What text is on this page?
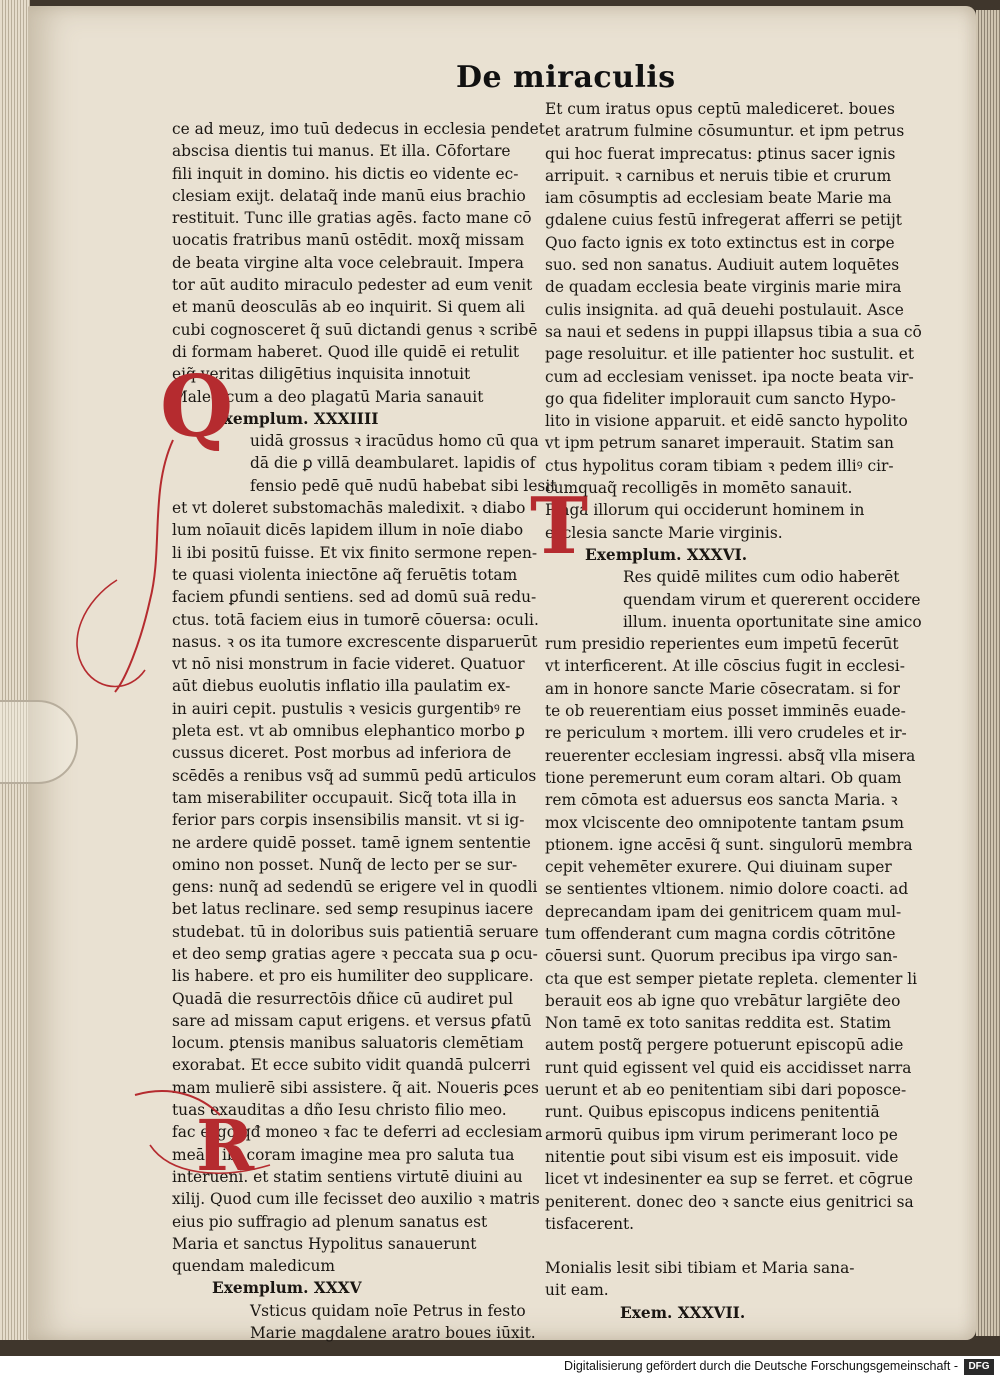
De miraculis
ce ad meuz, imo tuū dedecus in ecclesia pendet
abscisa dientis tui manus. Et illa. Cōfortare
fili inquit in domino. his dictis eo vidente ec-
clesiam exijt. delataq̃ inde manū eius brachio
restituit. Tunc ille gratias agēs. facto mane cō
uocatis fratribus manū ostēdit. moxq̃ missam
de beata virgine alta voce celebrauit. Impera
tor aūt audito miraculo pedester ad eum venit
et manū deosculās ab eo inquirit. Si quem ali
cubi cognosceret q̃ suū dictandi genus ꝛ scribē
di formam haberet. Quod ille quidē ei retulit
eiq̃ veritas diligētius inquisita innotuit
Maledicum a deo plagatū Maria sanauit
Exemplum. XXXIIII
uidā grossus ꝛ iracūdus homo cū qua
dā die ꝑ villā deambularet. lapidis of
fensio pedē quē nudū habebat sibi lesit
et vt doleret substomachās maledixit. ꝛ diabo
lum noīauit dicēs lapidem illum in noīe diabo
li ibi positū fuisse. Et vix finito sermone repen-
te quasi violenta iniectōne aq̃ feruētis totam
faciem ꝑfundi sentiens. sed ad domū suā redu-
ctus. totā faciem eius in tumorē cōuersa: oculi.
nasus. ꝛ os ita tumore excrescente disparuerūt
vt nō nisi monstrum in facie videret. Quatuor
aūt diebus euolutis inflatio illa paulatim ex-
in auiri cepit. pustulis ꝛ vesicis gurgentibꝰ re
pleta est. vt ab omnibus elephantico morbo ꝑ
cussus diceret. Post morbus ad inferiora de
scēdēs a renibus vsq̃ ad summū pedū articulos
tam miserabiliter occupauit. Sicq̃ tota illa in
ferior pars corꝑis insensibilis mansit. vt si ig-
ne ardere quidē posset. tamē ignem sententie
omino non posset. Nunq̃ de lecto per se sur-
gens: nunq̃ ad sedendū se erigere vel in quodli
bet latus reclinare. sed semꝑ resupinus iacere
studebat. tū in doloribus suis patientiā seruare
et deo semꝑ gratias agere ꝛ peccata sua ꝑ ocu-
lis habere. et pro eis humiliter deo supplicare.
Quadā die resurrectōis dñice cū audiret pul
sare ad missam caput erigens. et versus ꝑfatū
locum. ꝑtensis manibus saluatoris clemētiam
exorabat. Et ecce subito vidit quandā pulcerri
mam mulierē sibi assistere. q̃ ait. Noueris ꝑces
tuas exauditas a dño Iesu christo filio meo.
fac ergo qđ moneo ꝛ fac te deferri ad ecclesiam
meā ꝛ ibi coram imagine mea pro saluta tua
interueni. et statim sentiens virtutē diuini au
xilij. Quod cum ille fecisset deo auxilio ꝛ matris
eius pio suffragio ad plenum sanatus est
Maria et sanctus Hypolitus sanauerunt
quendam maledicum
Exemplum. XXXV
Vsticus quidam noīe Petrus in festo
Marie magdalene aratro boues iūxit.
Et cum iratus opus ceptū malediceret. boues
et aratrum fulmine cōsumuntur. et ipm petrus
qui hoc fuerat imprecatus: ꝑtinus sacer ignis
arripuit. ꝛ carnibus et neruis tibie et crurum
iam cōsumptis ad ecclesiam beate Marie ma
gdalene cuius festū infregerat afferri se petijt
Quo facto ignis ex toto extinctus est in corꝑe
suo. sed non sanatus. Audiuit autem loquētes
de quadam ecclesia beate virginis marie mira
culis insignita. ad quā deuehi postulauit. Asce
sa naui et sedens in puppi illapsus tibia a sua cō
page resoluitur. et ille patienter hoc sustulit. et
cum ad ecclesiam venisset. ipa nocte beata vir-
go qua fideliter implorauit cum sancto Hypo-
lito in visione apparuit. et eidē sancto hypolito
vt ipm petrum sanaret imperauit. Statim san
ctus hypolitus coram tibiam ꝛ pedem illiꝰ cir-
cumquaq̃ recolligēs in momēto sanauit.
Plaga illorum qui occiderunt hominem in
ecclesia sancte Marie virginis.
Exemplum. XXXVI.
Res quidē milites cum odio haberēt
quendam virum et quererent occidere
illum. inuenta oportunitate sine amico
rum presidio reperientes eum impetū fecerūt
vt interficerent. At ille cōscius fugit in ecclesi-
am in honore sancte Marie cōsecratam. si for
te ob reuerentiam eius posset imminēs euade-
re periculum ꝛ mortem. illi vero crudeles et ir-
reuerenter ecclesiam ingressi. absq̃ vlla misera
tione peremerunt eum coram altari. Ob quam
rem cōmota est aduersus eos sancta Maria. ꝛ
mox vlciscente deo omnipotente tantam ꝑsum
ptionem. igne accēsi q̃ sunt. singulorū membra
cepit vehemēter exurere. Qui diuinam super
se sentientes vltionem. nimio dolore coacti. ad
deprecandam ipam dei genitricem quam mul-
tum offenderant cum magna cordis cōtritōne
cōuersi sunt. Quorum precibus ipa virgo san-
cta que est semper pietate repleta. clementer li
berauit eos ab igne quo vrebātur largiēte deo
Non tamē ex toto sanitas reddita est. Statim
autem postq̃ pergere potuerunt episcopū adie
runt quid egissent vel quid eis accidisset narra
uerunt et ab eo penitentiam sibi dari poposce-
runt. Quibus episcopus indicens penitentiā
armorū quibus ipm virum perimerant loco pe
nitentie ꝑout sibi visum est eis imposuit. vide
licet vt indesinenter ea sup se ferret. et cōgrue
peniterent. donec deo ꝛ sancte eius genitrici sa
tisfacerent.
Monialis lesit sibi tibiam et Maria sana-
uit eam.
Exem. XXXVII.
Q
R
T
Digitalisierung gefördert durch die Deutsche Forschungsgemeinschaft -	DFG
